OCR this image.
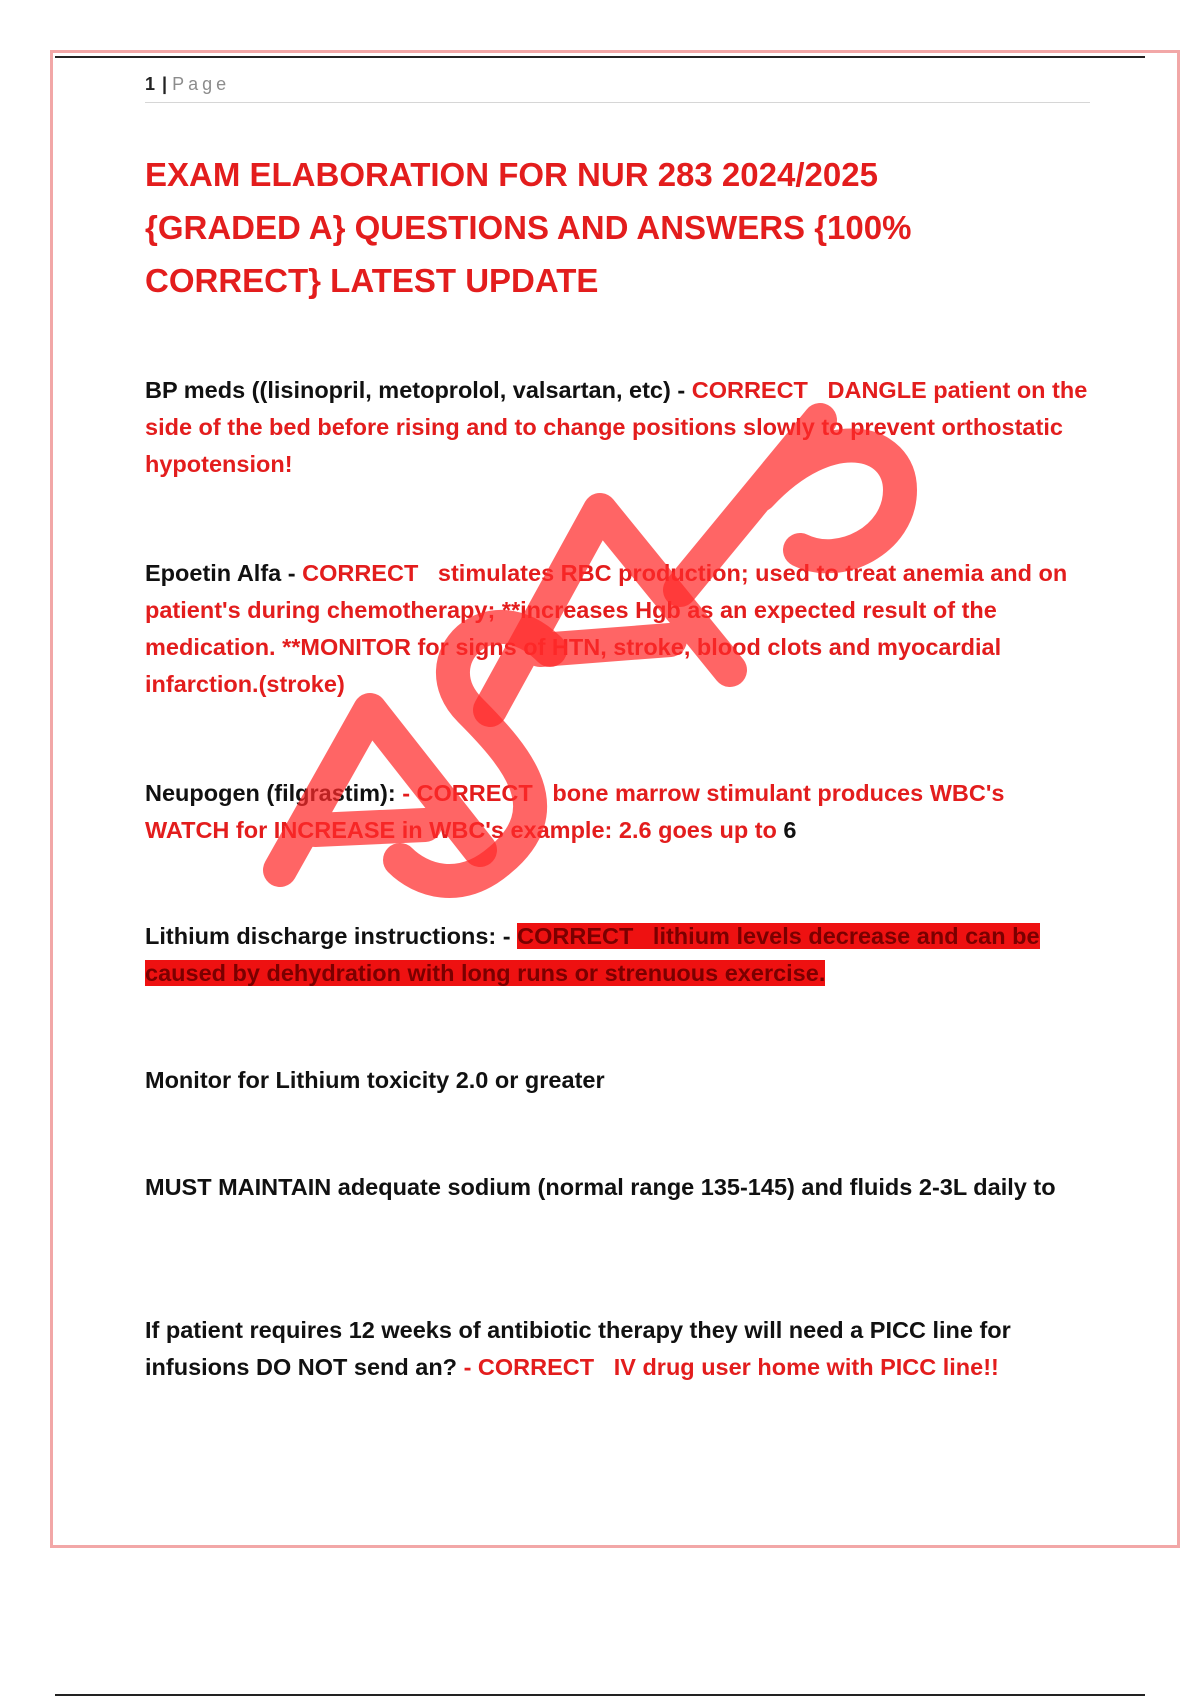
1 | Page
EXAM ELABORATION FOR NUR 283 2024/2025 {GRADED A} QUESTIONS AND ANSWERS {100% CORRECT} LATEST UPDATE

BP meds ((lisinopril, metoprolol, valsartan, etc) - CORRECT DANGLE patient on the side of the bed before rising and to change positions slowly to prevent orthostatic hypotension!

Epoetin Alfa - CORRECT stimulates RBC production; used to treat anemia and on patient's during chemotherapy; **increases Hgb as an expected result of the medication. **MONITOR for signs of HTN, stroke, blood clots and myocardial infarction.(stroke)

Neupogen (filgrastim): - CORRECT bone marrow stimulant produces WBC's WATCH for INCREASE in WBC's example: 2.6 goes up to 6

Lithium discharge instructions: - CORRECT lithium levels decrease and can be caused by dehydration with long runs or strenuous exercise.

Monitor for Lithium toxicity 2.0 or greater

MUST MAINTAIN adequate sodium (normal range 135-145) and fluids 2-3L daily to

If patient requires 12 weeks of antibiotic therapy they will need a PICC line for infusions DO NOT send an? - CORRECT IV drug user home with PICC line!!
